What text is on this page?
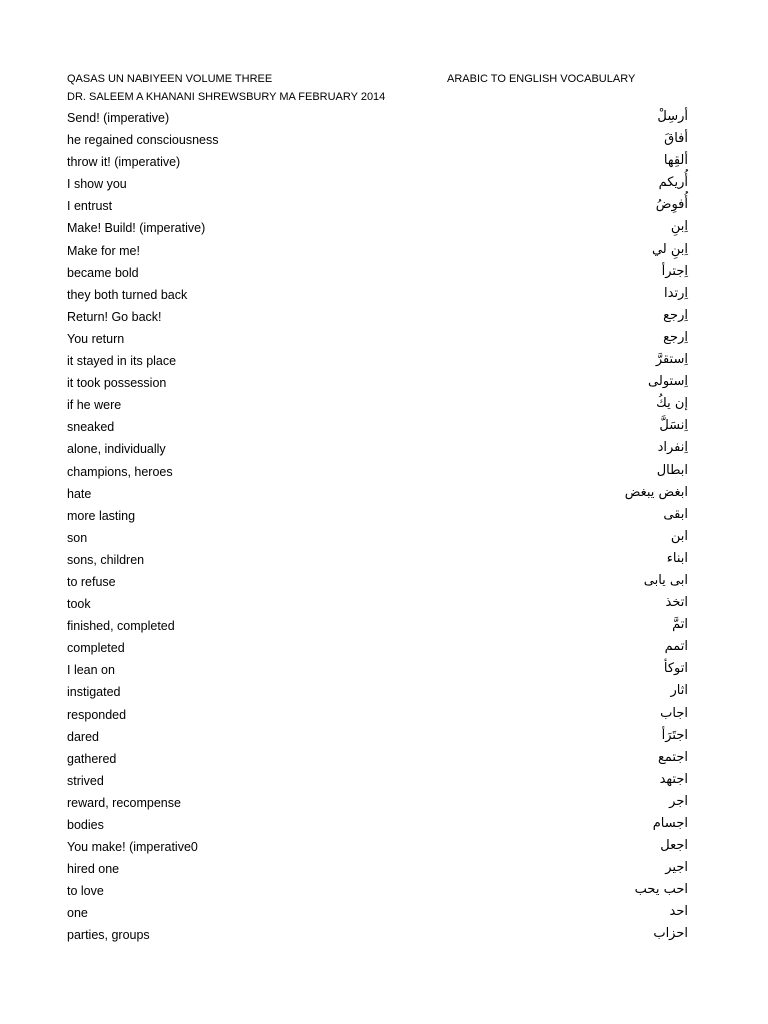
QASAS UN NABIYEEN VOLUME THREE
DR. SALEEM A KHANANI SHREWSBURY MA FEBRUARY 2014
ARABIC TO ENGLISH VOCABULARY
Send! (imperative)	أرسِلْ
he regained consciousness	أفاقَ
throw it! (imperative)	ألقِها
I show you	أُريكم
I entrust	أُفوِضُ
Make! Build! (imperative)	اِبنِ
Make for me!	اِبنِ لي
became bold	اِجترأ
they both turned back	اِرتدا
Return! Go back!	اِرجع
You return	اِرجع
it stayed in its place	اِستقرَّ
it took possession	اِستولى
if he were	إن يكُ
sneaked	اِنسَلَّ
alone, individually	اِنفراد
champions, heroes	ابطال
hate	ابغض يبغض
more lasting	ابقى
son	ابن
sons, children	ابناء
to refuse	ابى يابى
took	اتخذ
finished, completed	اتمَّ
completed	اتمم
I lean on	اتوكأ
instigated	اثار
responded	اجاب
dared	اجتَرَأ
gathered	اجتمع
strived	اجتهد
reward, recompense	اجر
bodies	اجسام
You make! (imperative0	اجعل
hired one	اجير
to love	احب يحب
one	احد
parties, groups	احزاب
